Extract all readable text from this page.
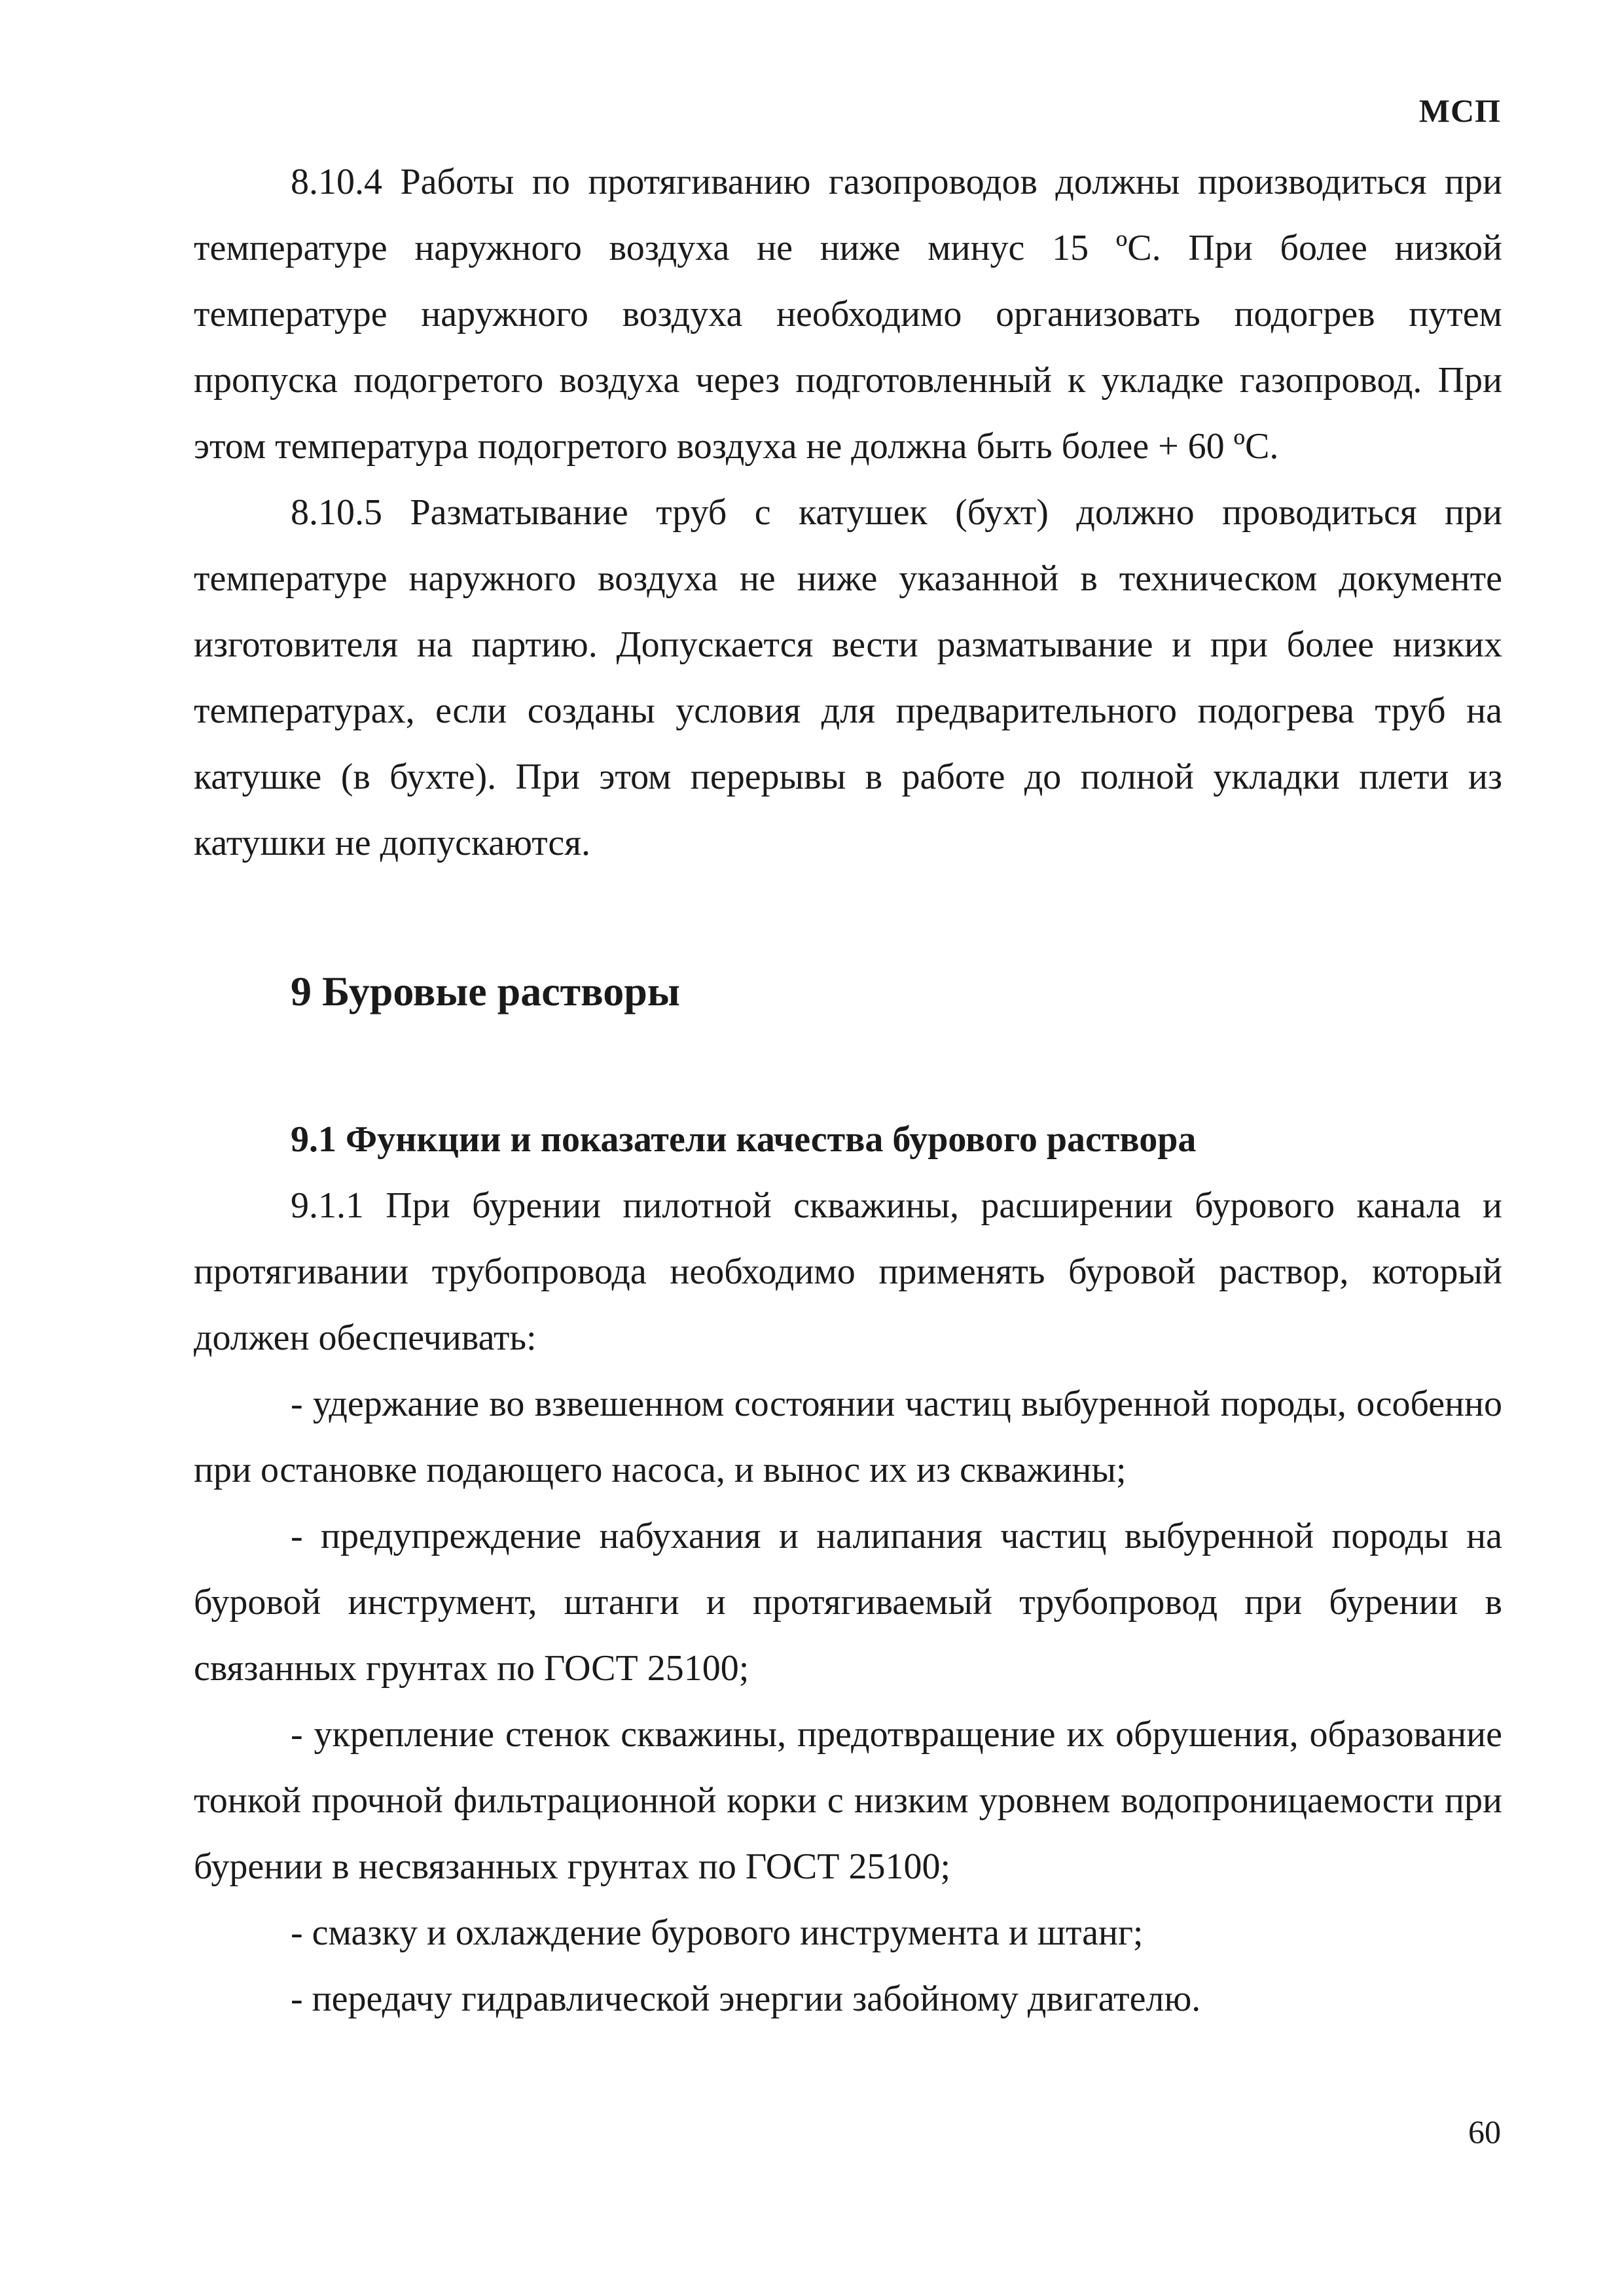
МСП

8.10.4 Работы по протягиванию газопроводов должны производиться при температуре наружного воздуха не ниже минус 15 ºС. При более низкой температуре наружного воздуха необходимо организовать подогрев путем пропуска подогретого воздуха через подготовленный к укладке газопровод. При этом температура подогретого воздуха не должна быть более + 60 ºС.

8.10.5 Разматывание труб с катушек (бухт) должно проводиться при температуре наружного воздуха не ниже указанной в техническом документе изготовителя на партию. Допускается вести разматывание и при более низких температурах, если созданы условия для предварительного подогрева труб на катушке (в бухте). При этом перерывы в работе до полной укладки плети из катушки не допускаются.

9 Буровые растворы
9.1 Функции и показатели качества бурового раствора

9.1.1 При бурении пилотной скважины, расширении бурового канала и протягивании трубопровода необходимо применять буровой раствор, который должен обеспечивать:

- удержание во взвешенном состоянии частиц выбуренной породы, особенно при остановке подающего насоса, и вынос их из скважины;

- предупреждение набухания и налипания частиц выбуренной породы на буровой инструмент, штанги и протягиваемый трубопровод при бурении в связанных грунтах по ГОСТ 25100;

- укрепление стенок скважины, предотвращение их обрушения, образование тонкой прочной фильтрационной корки с низким уровнем водопроницаемости при бурении в несвязанных грунтах по ГОСТ 25100;

- смазку и охлаждение бурового инструмента и штанг;

- передачу гидравлической энергии забойному двигателю.

60
